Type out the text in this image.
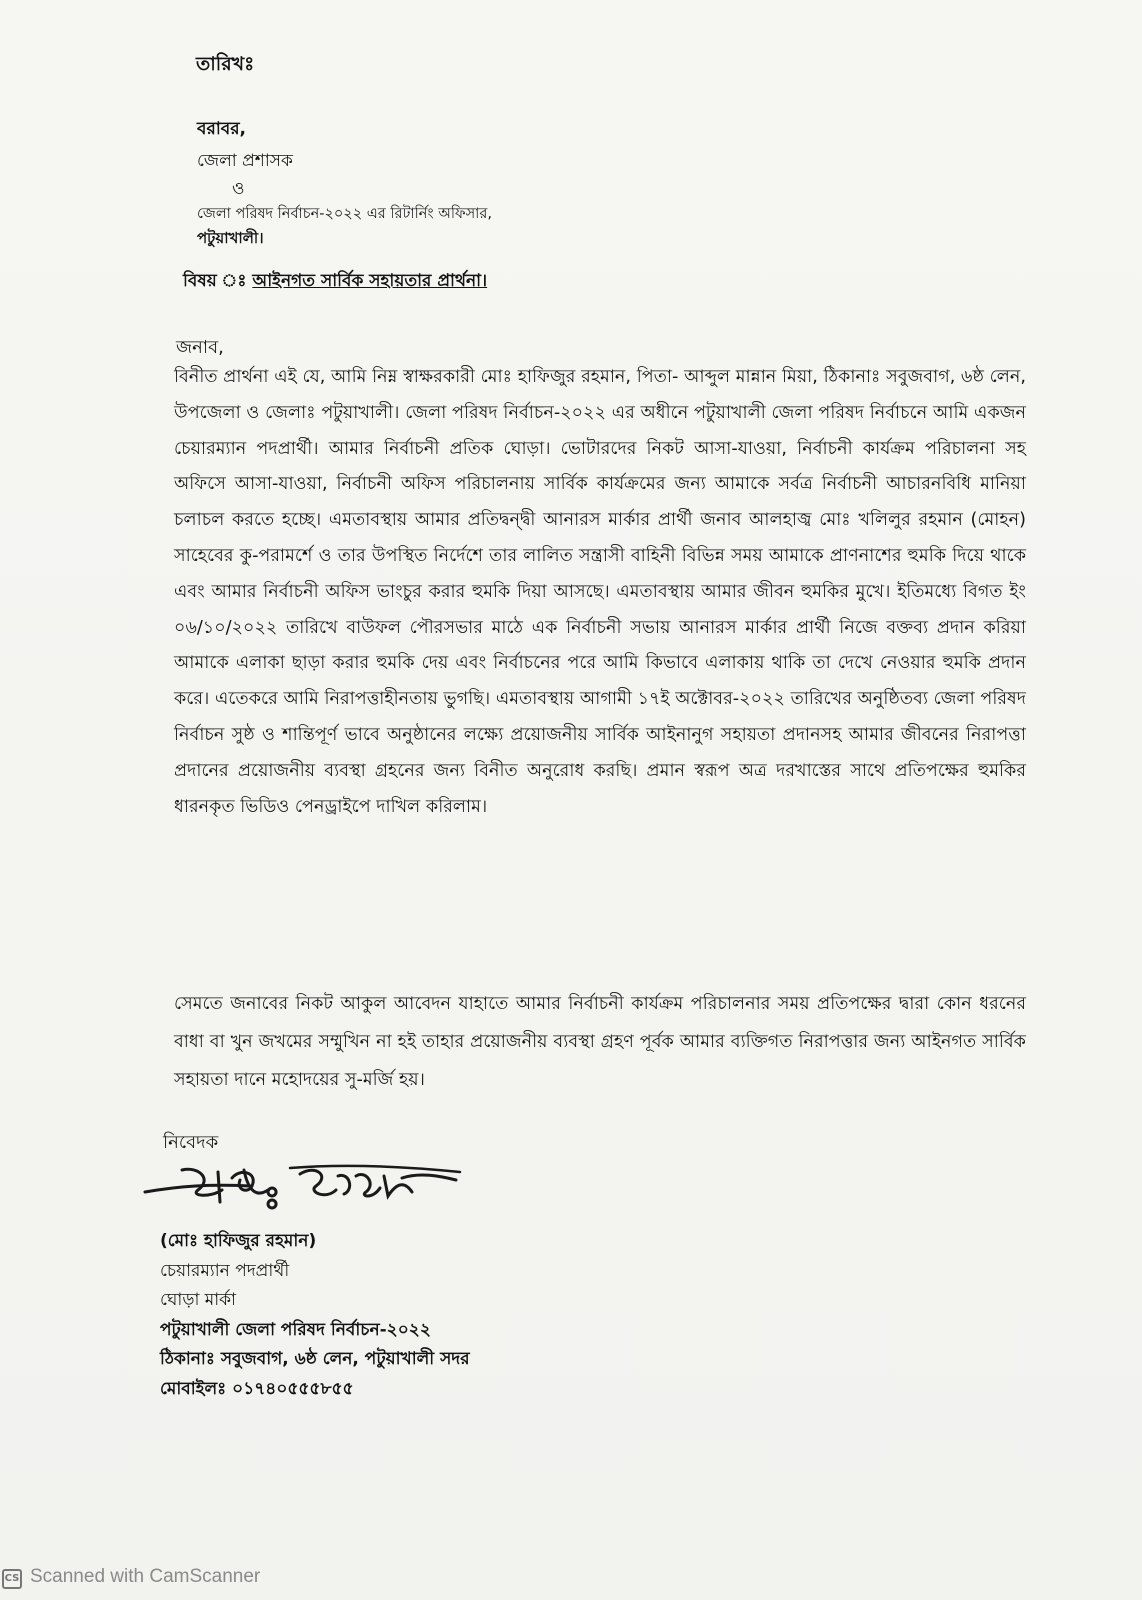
তারিখঃ
বরাবর,
জেলা প্রশাসক
ও
জেলা পরিষদ নির্বাচন-২০২২ এর রিটার্নিং অফিসার,
পটুয়াখালী।
বিষয় ঃ আইনগত সার্বিক সহায়তার প্রার্থনা।
জনাব,
বিনীত প্রার্থনা এই যে, আমি নিম্ন স্বাক্ষরকারী মোঃ হাফিজুর রহমান, পিতা- আব্দুল মান্নান মিয়া, ঠিকানাঃ সবুজবাগ, ৬ষ্ঠ লেন, উপজেলা ও জেলাঃ পটুয়াখালী। জেলা পরিষদ নির্বাচন-২০২২ এর অধীনে পটুয়াখালী জেলা পরিষদ নির্বাচনে আমি একজন চেয়ারম্যান পদপ্রার্থী। আমার নির্বাচনী প্রতিক ঘোড়া। ভোটারদের নিকট আসা-যাওয়া, নির্বাচনী কার্যক্রম পরিচালনা সহ অফিসে আসা-যাওয়া, নির্বাচনী অফিস পরিচালনায় সার্বিক কার্যক্রমের জন্য আমাকে সর্বত্র নির্বাচনী আচারনবিধি মানিয়া চলাচল করতে হচ্ছে। এমতাবস্থায় আমার প্রতিদ্বন্দ্বী আনারস মার্কার প্রার্থী জনাব আলহাজ্ব মোঃ খলিলুর রহমান (মোহন) সাহেবের কু-পরামর্শে ও তার উপস্থিত নির্দেশে তার লালিত সন্ত্রাসী বাহিনী বিভিন্ন সময় আমাকে প্রাণনাশের হুমকি দিয়ে থাকে এবং আমার নির্বাচনী অফিস ভাংচুর করার হুমকি দিয়া আসছে। এমতাবস্থায় আমার জীবন হুমকির মুখে। ইতিমধ্যে বিগত ইং ০৬/১০/২০২২ তারিখে বাউফল পৌরসভার মাঠে এক নির্বাচনী সভায় আনারস মার্কার প্রার্থী নিজে বক্তব্য প্রদান করিয়া আমাকে এলাকা ছাড়া করার হুমকি দেয় এবং নির্বাচনের পরে আমি কিভাবে এলাকায় থাকি তা দেখে নেওয়ার হুমকি প্রদান করে। এতেকরে আমি নিরাপত্তাহীনতায় ভুগছি। এমতাবস্থায় আগামী ১৭ই অক্টোবর-২০২২ তারিখের অনুষ্ঠিতব্য জেলা পরিষদ নির্বাচন সুষ্ঠ ও শান্তিপূর্ণ ভাবে অনুষ্ঠানের লক্ষ্যে প্রয়োজনীয় সার্বিক আইনানুগ সহায়তা প্রদানসহ আমার জীবনের নিরাপত্তা প্রদানের প্রয়োজনীয় ব্যবস্থা গ্রহনের জন্য বিনীত অনুরোধ করছি। প্রমান স্বরূপ অত্র দরখাস্তের সাথে প্রতিপক্ষের হুমকির ধারনকৃত ভিডিও পেনড্রাইপে দাখিল করিলাম।
সেমতে জনাবের নিকট আকুল আবেদন যাহাতে আমার নির্বাচনী কার্যক্রম পরিচালনার সময় প্রতিপক্ষের দ্বারা কোন ধরনের বাধা বা খুন জখমের সম্মুখিন না হই তাহার প্রয়োজনীয় ব্যবস্থা গ্রহণ পূর্বক আমার ব্যক্তিগত নিরাপত্তার জন্য আইনগত সার্বিক সহায়তা দানে মহোদয়ের সু-মর্জি হয়।
নিবেদক
(মোঃ হাফিজুর রহমান)
চেয়ারম্যান পদপ্রার্থী
ঘোড়া মার্কা
পটুয়াখালী জেলা পরিষদ নির্বাচন-২০২২
ঠিকানাঃ সবুজবাগ, ৬ষ্ঠ লেন, পটুয়াখালী সদর
মোবাইলঃ ০১৭৪০৫৫৫৮৫৫
CS Scanned with CamScanner
